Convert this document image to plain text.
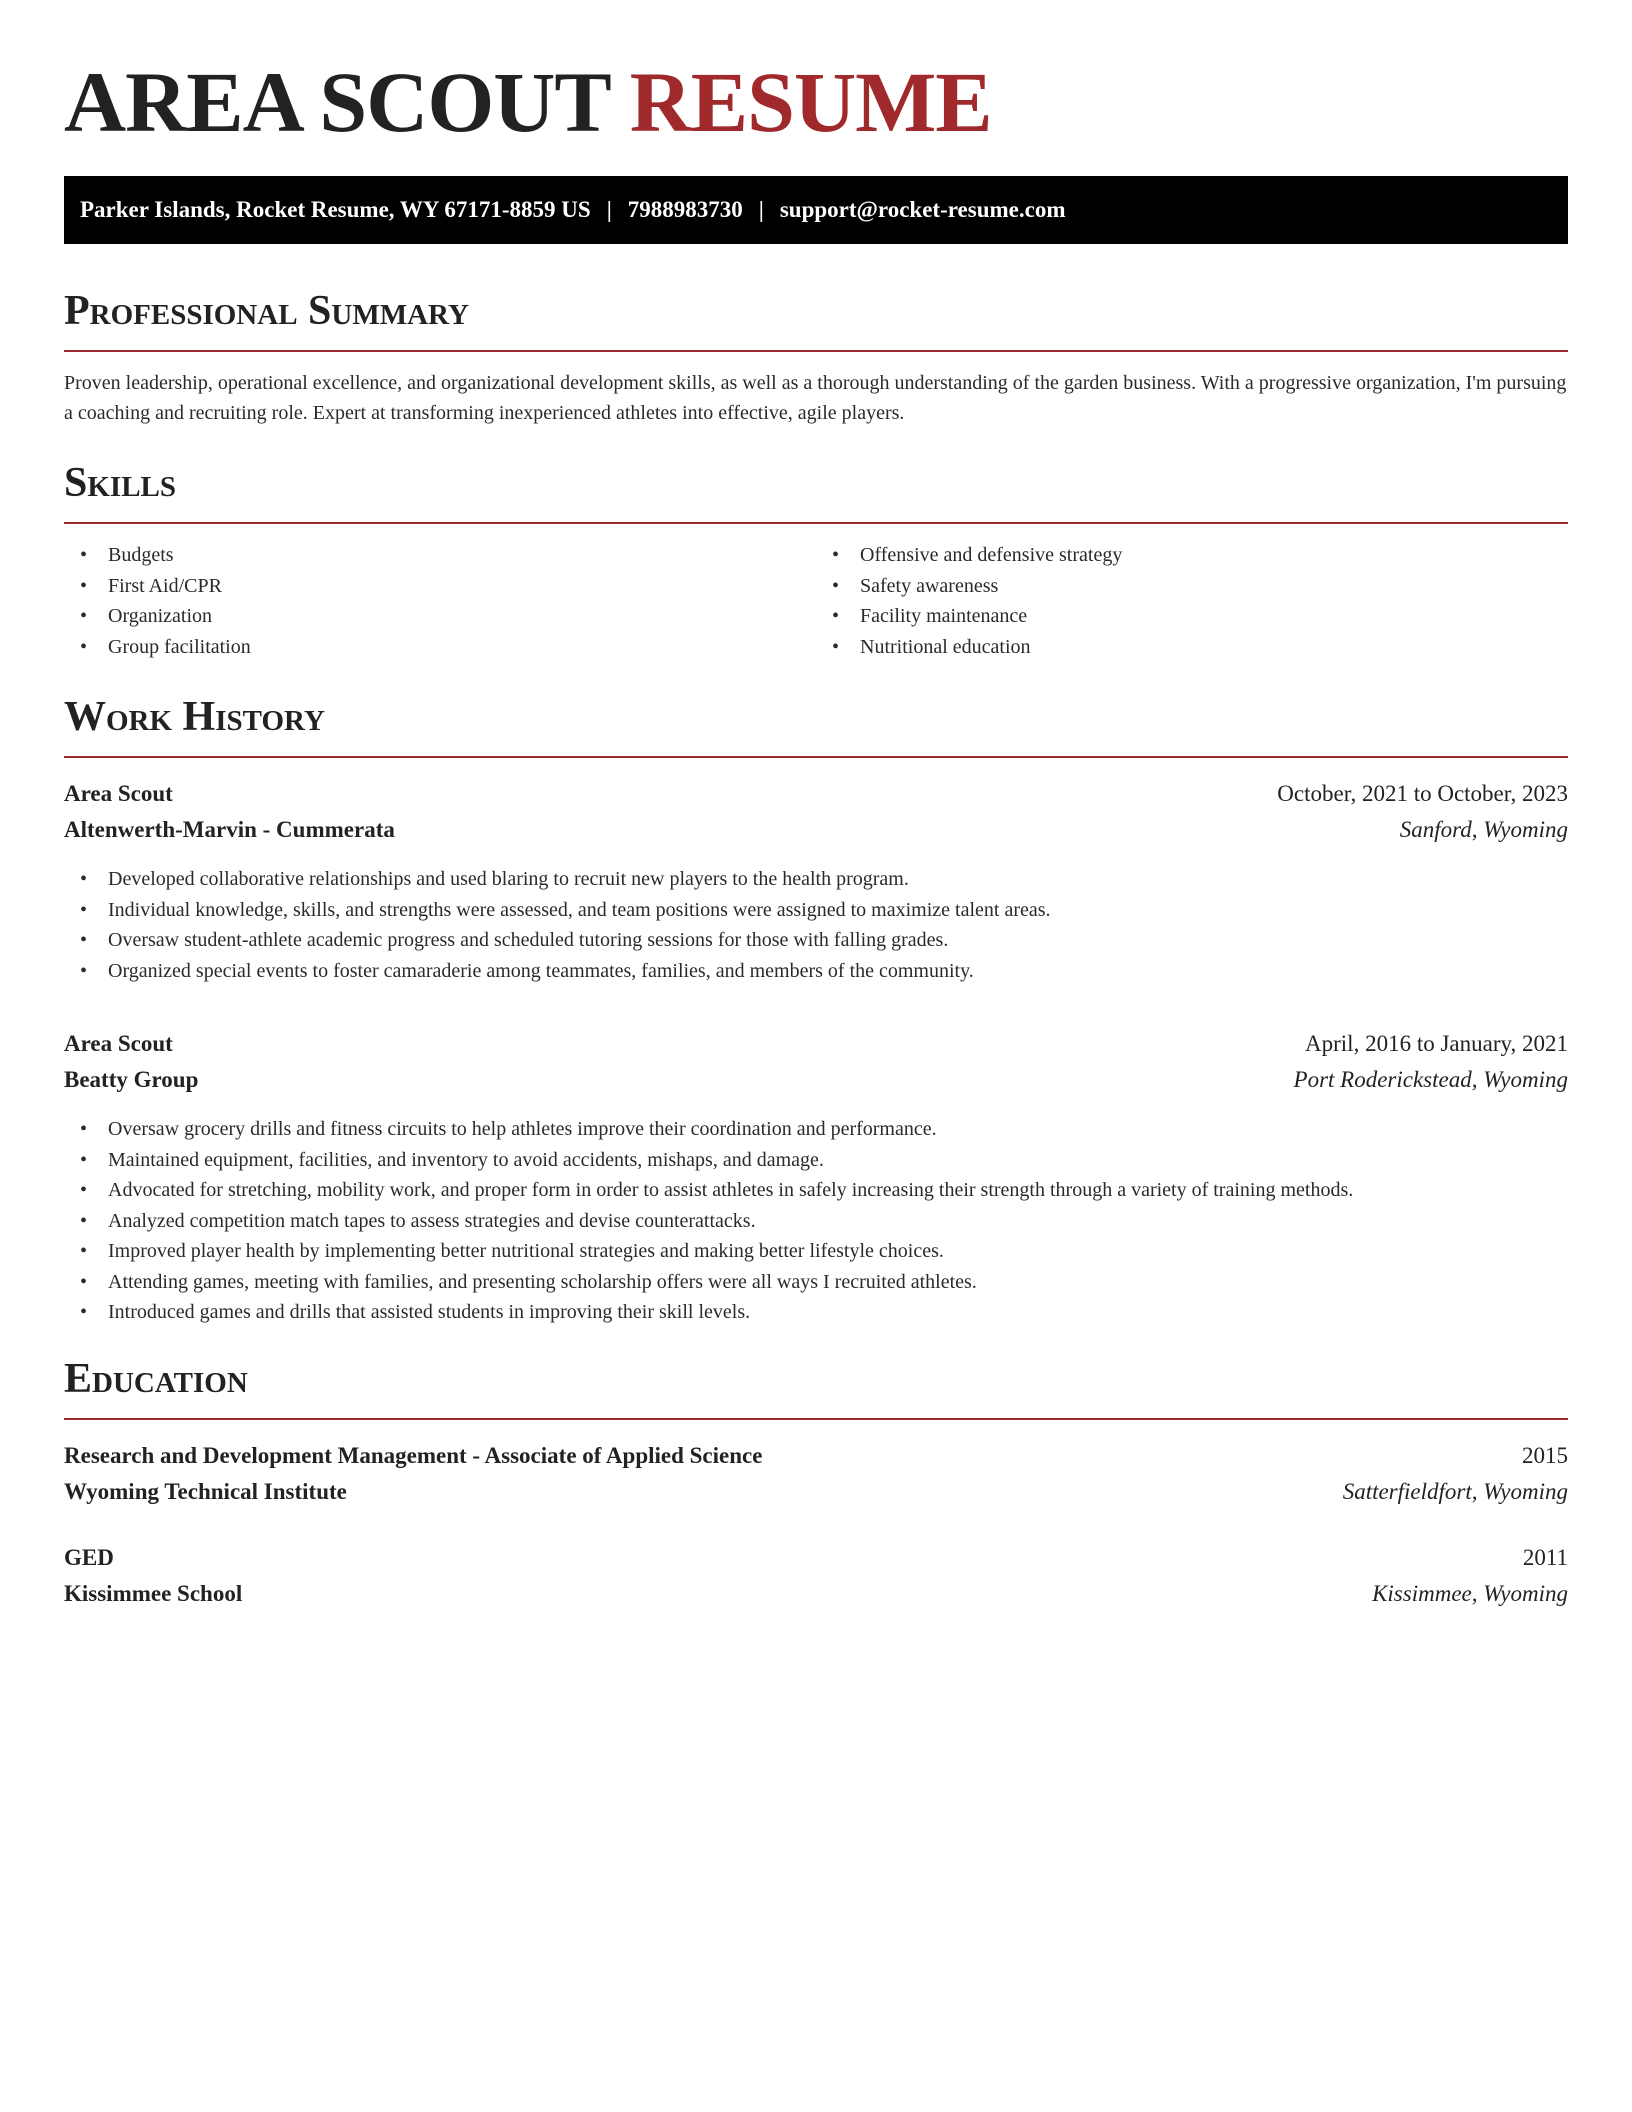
AREA SCOUT RESUME
Parker Islands, Rocket Resume, WY 67171-8859 US | 7988983730 | support@rocket-resume.com
Professional Summary

Proven leadership, operational excellence, and organizational development skills, as well as a thorough understanding of the garden business. With a progressive organization, I'm pursuing a coaching and recruiting role. Expert at transforming inexperienced athletes into effective, agile players.

Skills
• Budgets
• First Aid/CPR
• Organization
• Group facilitation
• Offensive and defensive strategy
• Safety awareness
• Facility maintenance
• Nutritional education
Work History
Area Scout	October, 2021 to October, 2023
Altenwerth-Marvin - Cummerata	Sanford, Wyoming
• Developed collaborative relationships and used blaring to recruit new players to the health program.
• Individual knowledge, skills, and strengths were assessed, and team positions were assigned to maximize talent areas.
• Oversaw student-athlete academic progress and scheduled tutoring sessions for those with falling grades.
• Organized special events to foster camaraderie among teammates, families, and members of the community.
Area Scout	April, 2016 to January, 2021
Beatty Group	Port Roderickstead, Wyoming
• Oversaw grocery drills and fitness circuits to help athletes improve their coordination and performance.
• Maintained equipment, facilities, and inventory to avoid accidents, mishaps, and damage.
• Advocated for stretching, mobility work, and proper form in order to assist athletes in safely increasing their strength through a variety of training methods.
• Analyzed competition match tapes to assess strategies and devise counterattacks.
• Improved player health by implementing better nutritional strategies and making better lifestyle choices.
• Attending games, meeting with families, and presenting scholarship offers were all ways I recruited athletes.
• Introduced games and drills that assisted students in improving their skill levels.
Education
Research and Development Management - Associate of Applied Science	2015
Wyoming Technical Institute	Satterfieldfort, Wyoming
GED	2011
Kissimmee School	Kissimmee, Wyoming
